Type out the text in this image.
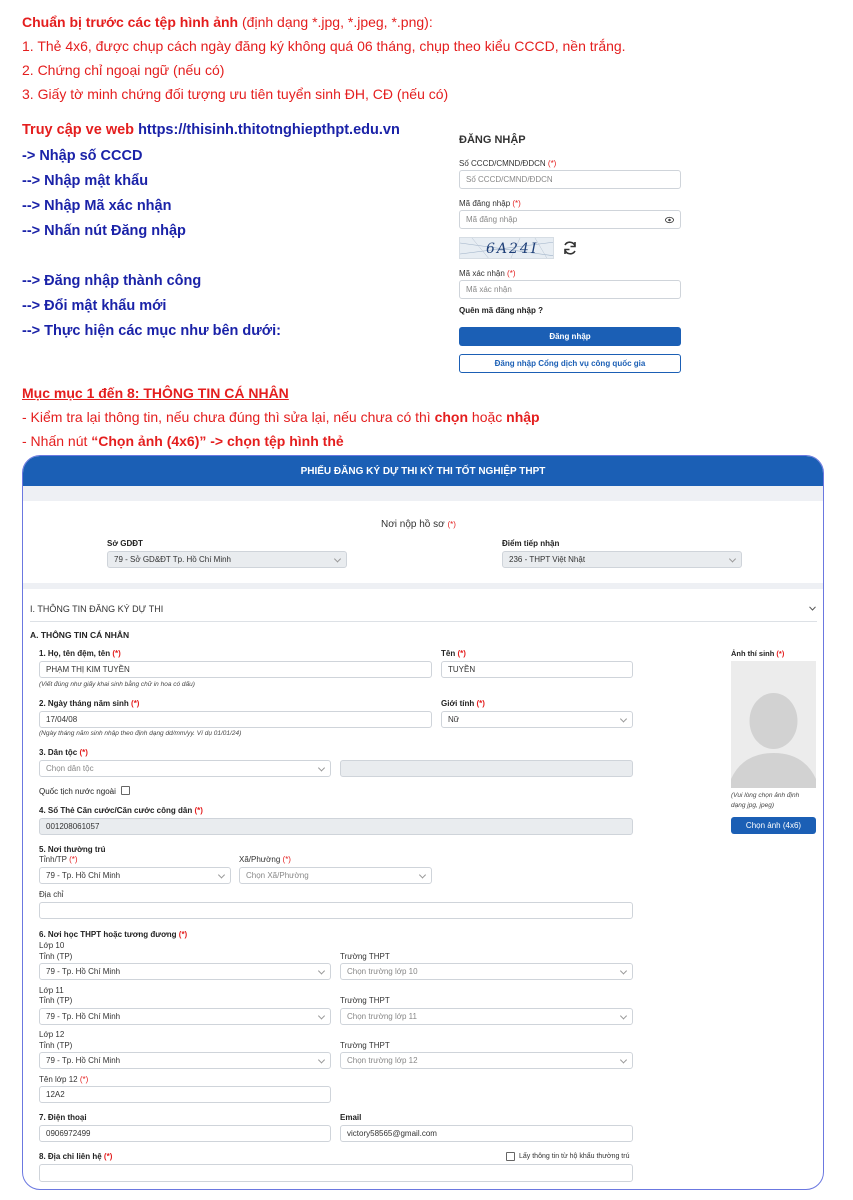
Chuẩn bị trước các tệp hình ảnh (định dạng *.jpg, *.jpeg, *.png):
1. Thẻ 4x6, được chụp cách ngày đăng ký không quá 06 tháng, chụp theo kiểu CCCD, nền trắng.
2. Chứng chỉ ngoại ngữ (nếu có)
3. Giấy tờ minh chứng đối tượng ưu tiên tuyển sinh ĐH, CĐ (nếu có)
Truy cập ve web https://thisinh.thitotnghiepthpt.edu.vn
-> Nhập số CCCD
--> Nhập mật khẩu
--> Nhập Mã xác nhận
--> Nhấn nút Đăng nhập
--> Đăng nhập thành công
--> Đổi mật khẩu mới
--> Thực hiện các mục như bên dưới:
ĐĂNG NHẬP
Số CCCD/CMND/ĐDCN (*)
Số CCCD/CMND/ĐDCN
Mã đăng nhập (*)
Mã đăng nhập
6A24I
Mã xác nhận (*)
Mã xác nhận
Quên mã đăng nhập ?
Đăng nhập
Đăng nhập Cổng dịch vụ công quốc gia
Mục mục 1 đến 8: THÔNG TIN CÁ NHÂN
- Kiểm tra lại thông tin, nếu chưa đúng thì sửa lại, nếu chưa có thì chọn hoặc nhập
- Nhấn nút “Chọn ảnh (4x6)” -> chọn tệp hình thẻ
PHIẾU ĐĂNG KÝ DỰ THI KỲ THI TỐT NGHIỆP THPT
Nơi nộp hồ sơ (*)
Sở GDĐT
79 - Sở GD&ĐT Tp. Hồ Chí Minh
Điểm tiếp nhận
236 - THPT Việt Nhật
I. THÔNG TIN ĐĂNG KÝ DỰ THI
A. THÔNG TIN CÁ NHÂN
1. Họ, tên đệm, tên (*)
PHẠM THỊ KIM TUYỀN
(Viết đúng như giấy khai sinh bằng chữ in hoa có dấu)
Tên (*)
TUYỀN
Ảnh thí sinh (*)
(Vui lòng chọn ảnh định
dạng jpg, jpeg)
Chọn ảnh (4x6)
2. Ngày tháng năm sinh (*)
17/04/08
(Ngày tháng năm sinh nhập theo định dạng dd/mm/yy. Ví dụ 01/01/24)
Giới tính (*)
Nữ
3. Dân tộc (*)
Chọn dân tộc
Quốc tịch nước ngoài
4. Số Thẻ Căn cước/Căn cước công dân (*)
001208061057
5. Nơi thường trú
Tỉnh/TP (*)
79 - Tp. Hồ Chí Minh
Xã/Phường (*)
Chọn Xã/Phường
Địa chỉ
6. Nơi học THPT hoặc tương đương (*)
Lớp 10
Tỉnh (TP)	Trường THPT
79 - Tp. Hồ Chí Minh	Chọn trường lớp 10
Lớp 11
Tỉnh (TP)	Trường THPT
79 - Tp. Hồ Chí Minh	Chọn trường lớp 11
Lớp 12
Tỉnh (TP)	Trường THPT
79 - Tp. Hồ Chí Minh	Chọn trường lớp 12
Tên lớp 12 (*)
12A2
7. Điện thoại
0906972499
Email
victory58565@gmail.com
8. Địa chỉ liên hệ (*)	Lấy thông tin từ hộ khẩu thường trú
